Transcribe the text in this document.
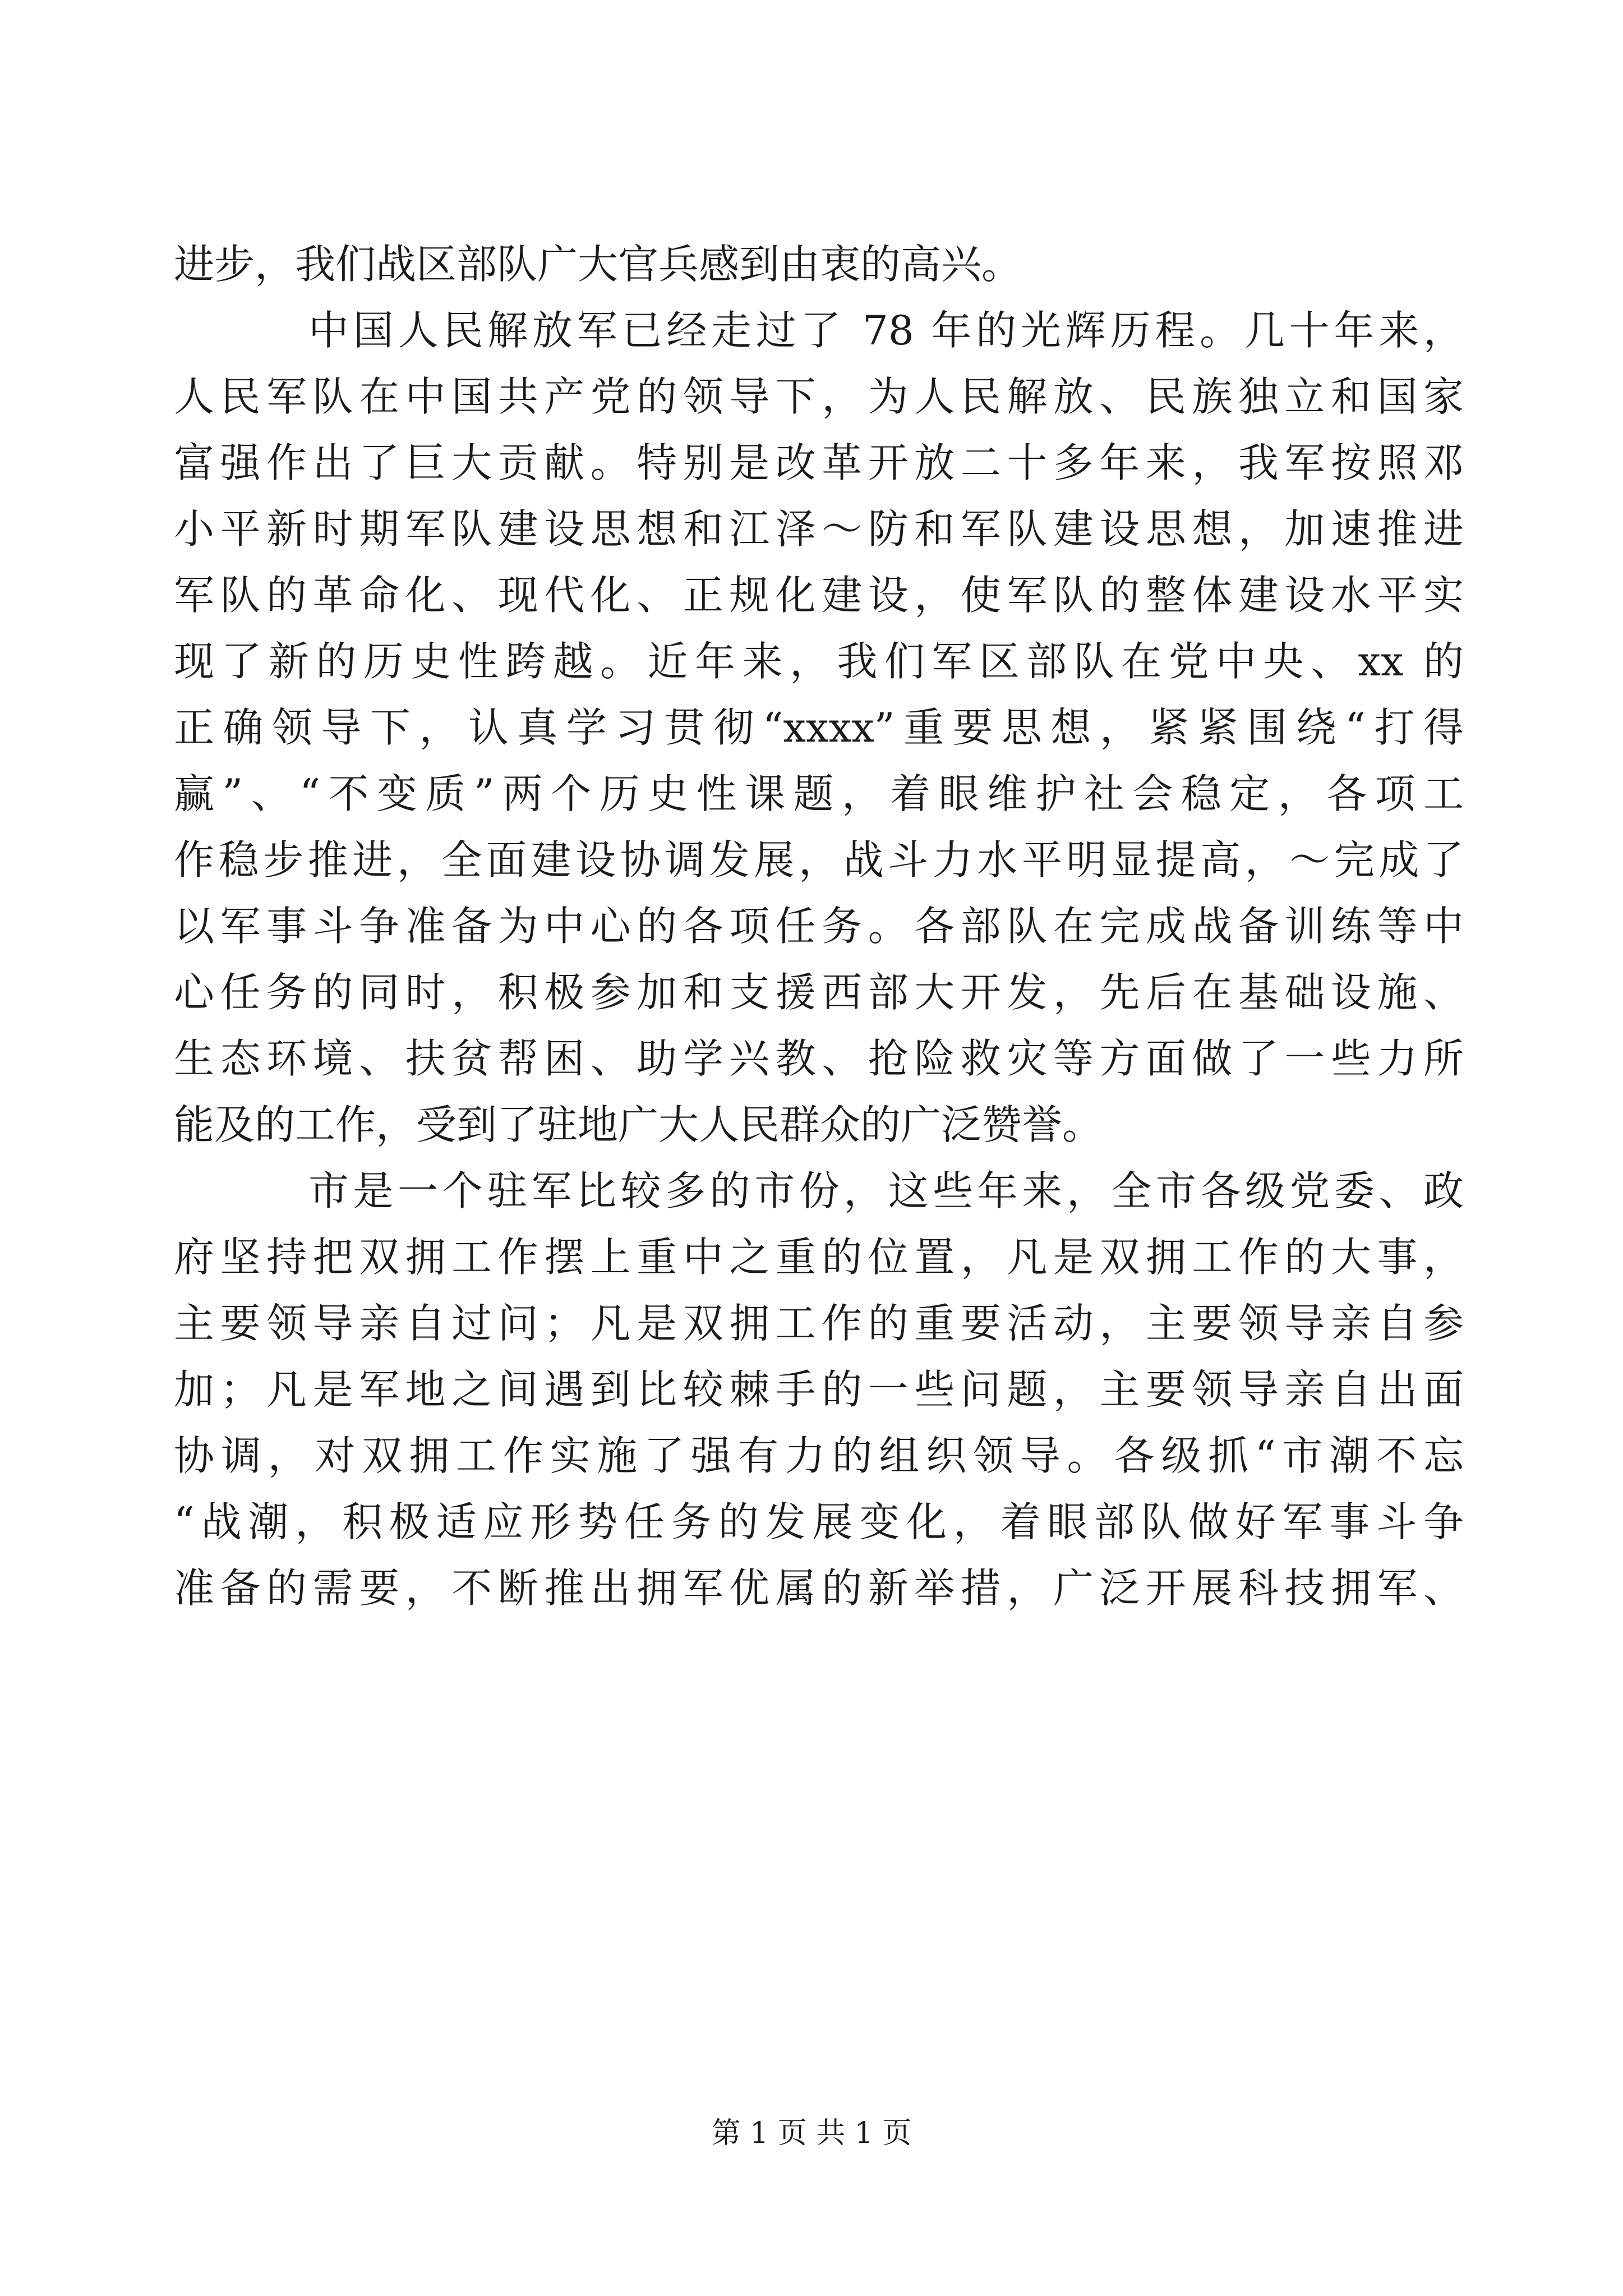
进步，我们战区部队广大官兵感到由衷的高兴。
中国人民解放军已经走过了 78 年的光辉历程。几十年来，
人民军队在中国共产党的领导下，为人民解放、民族独立和国家
富强作出了巨大贡献。特别是改革开放二十多年来，我军按照邓
小平新时期军队建设思想和江泽～防和军队建设思想，加速推进
军队的革命化、现代化、正规化建设，使军队的整体建设水平实
现了新的历史性跨越。近年来，我们军区部队在党中央、xx 的
正确领导下，认真学习贯彻“xxxx”重要思想，紧紧围绕“打得
赢”、“不变质”两个历史性课题，着眼维护社会稳定，各项工
作稳步推进，全面建设协调发展，战斗力水平明显提高，～完成了
以军事斗争准备为中心的各项任务。各部队在完成战备训练等中
心任务的同时，积极参加和支援西部大开发，先后在基础设施、
生态环境、扶贫帮困、助学兴教、抢险救灾等方面做了一些力所
能及的工作，受到了驻地广大人民群众的广泛赞誉。
市是一个驻军比较多的市份，这些年来，全市各级党委、政
府坚持把双拥工作摆上重中之重的位置，凡是双拥工作的大事，
主要领导亲自过问；凡是双拥工作的重要活动，主要领导亲自参
加；凡是军地之间遇到比较棘手的一些问题，主要领导亲自出面
协调，对双拥工作实施了强有力的组织领导。各级抓“市潮不忘
“战潮，积极适应形势任务的发展变化，着眼部队做好军事斗争
准备的需要，不断推出拥军优属的新举措，广泛开展科技拥军、
第 1 页 共 1 页
